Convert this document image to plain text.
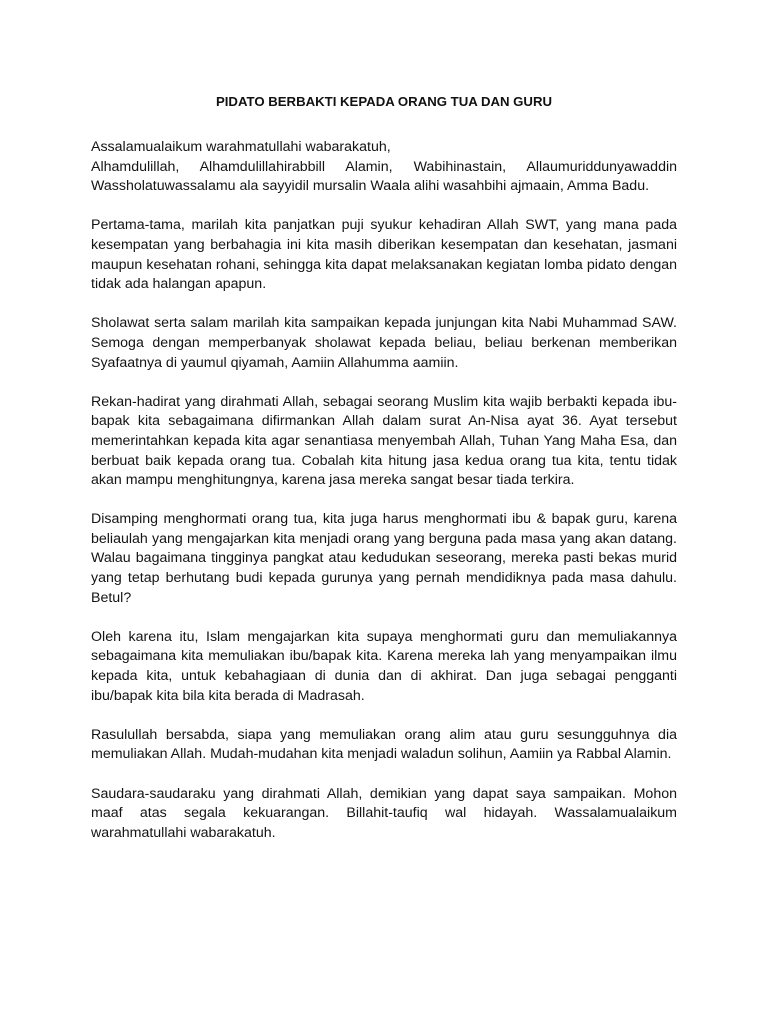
PIDATO BERBAKTI KEPADA ORANG TUA DAN GURU

Assalamualaikum warahmatullahi wabarakatuh,
Alhamdulillah, Alhamdulillahirabbill Alamin, Wabihinastain, Allaumuriddunyawaddin Wassholatuwassalamu ala sayyidil mursalin Waala alihi wasahbihi ajmaain, Amma Badu.

Pertama-tama, marilah kita panjatkan puji syukur kehadiran Allah SWT, yang mana pada kesempatan yang berbahagia ini kita masih diberikan kesempatan dan kesehatan, jasmani maupun kesehatan rohani, sehingga kita dapat melaksanakan kegiatan lomba pidato dengan tidak ada halangan apapun.

Sholawat serta salam marilah kita sampaikan kepada junjungan kita Nabi Muhammad SAW. Semoga dengan memperbanyak sholawat kepada beliau, beliau berkenan memberikan Syafaatnya di yaumul qiyamah, Aamiin Allahumma aamiin.

Rekan-hadirat yang dirahmati Allah, sebagai seorang Muslim kita wajib berbakti kepada ibu-bapak kita sebagaimana difirmankan Allah dalam surat An-Nisa ayat 36. Ayat tersebut memerintahkan kepada kita agar senantiasa menyembah Allah, Tuhan Yang Maha Esa, dan berbuat baik kepada orang tua. Cobalah kita hitung jasa kedua orang tua kita, tentu tidak akan mampu menghitungnya, karena jasa mereka sangat besar tiada terkira.

Disamping menghormati orang tua, kita juga harus menghormati ibu & bapak guru, karena beliaulah yang mengajarkan kita menjadi orang yang berguna pada masa yang akan datang. Walau bagaimana tingginya pangkat atau kedudukan seseorang, mereka pasti bekas murid yang tetap berhutang budi kepada gurunya yang pernah mendidiknya pada masa dahulu. Betul?

Oleh karena itu, Islam mengajarkan kita supaya menghormati guru dan memuliakannya sebagaimana kita memuliakan ibu/bapak kita. Karena mereka lah yang menyampaikan ilmu kepada kita, untuk kebahagiaan di dunia dan di akhirat. Dan juga sebagai pengganti ibu/bapak kita bila kita berada di Madrasah.

Rasulullah bersabda, siapa yang memuliakan orang alim atau guru sesungguhnya dia memuliakan Allah. Mudah-mudahan kita menjadi waladun solihun, Aamiin ya Rabbal Alamin.

Saudara-saudaraku yang dirahmati Allah, demikian yang dapat saya sampaikan. Mohon maaf atas segala kekuarangan. Billahit-taufiq wal hidayah. Wassalamualaikum warahmatullahi wabarakatuh.
